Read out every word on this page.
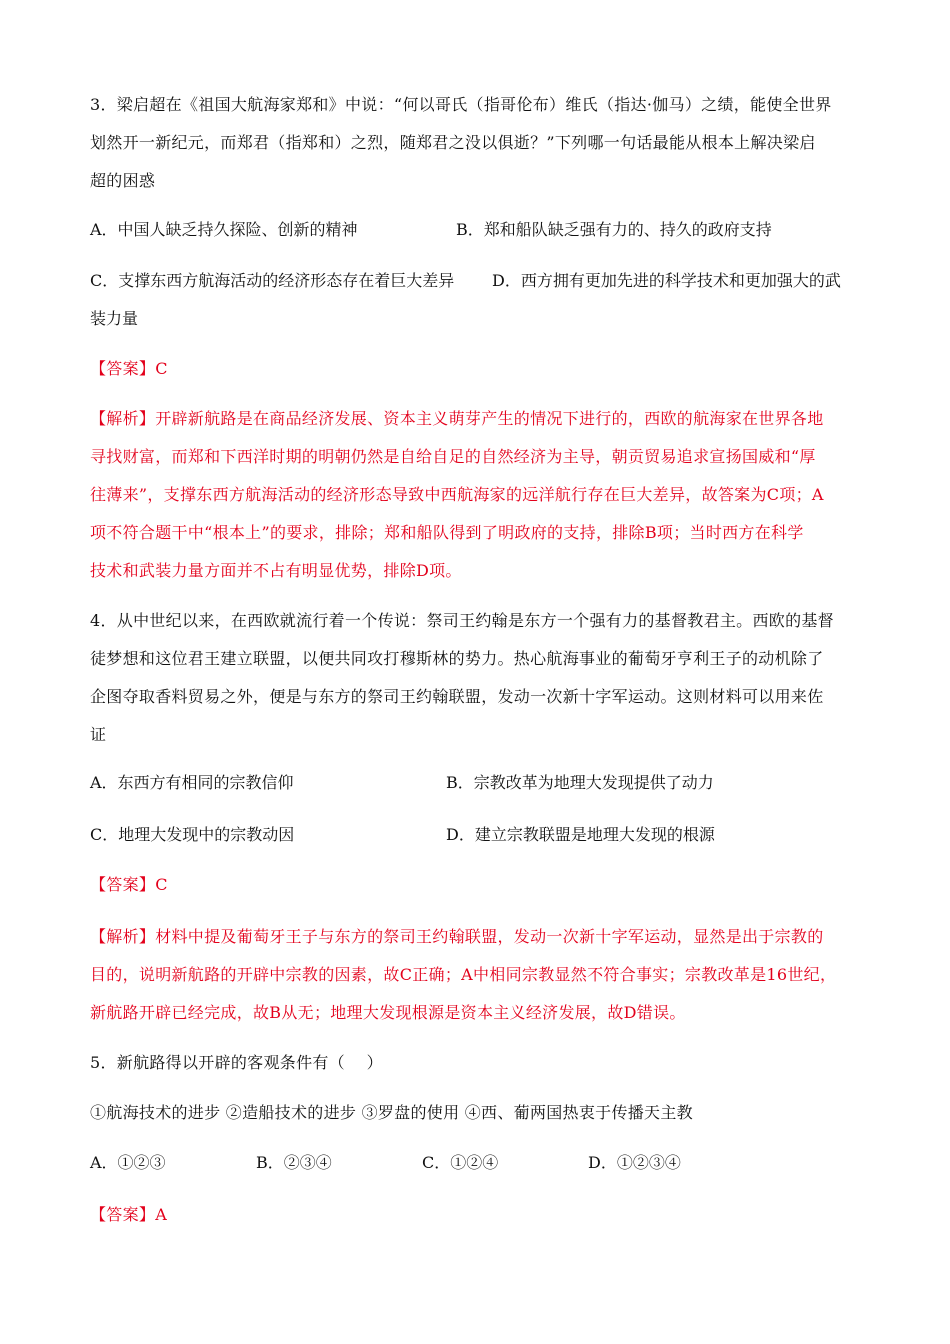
3．梁启超在《祖国大航海家郑和》中说：“何以哥氏（指哥伦布）维氏（指达·伽马）之绩，能使全世界
划然开一新纪元，而郑君（指郑和）之烈，随郑君之没以俱逝？”下列哪一句话最能从根本上解决梁启
超的困惑
A．中国人缺乏持久探险、创新的精神	B．郑和船队缺乏强有力的、持久的政府支持
C．支撑东西方航海活动的经济形态存在着巨大差异 D．西方拥有更加先进的科学技术和更加强大的武
装力量
【答案】C
【解析】开辟新航路是在商品经济发展、资本主义萌芽产生的情况下进行的，西欧的航海家在世界各地
寻找财富，而郑和下西洋时期的明朝仍然是自给自足的自然经济为主导，朝贡贸易追求宣扬国威和“厚
往薄来”，支撑东西方航海活动的经济形态导致中西航海家的远洋航行存在巨大差异，故答案为C项；A
项不符合题干中“根本上”的要求，排除；郑和船队得到了明政府的支持，排除B项；当时西方在科学
技术和武装力量方面并不占有明显优势，排除D项。
4．从中世纪以来，在西欧就流行着一个传说：祭司王约翰是东方一个强有力的基督教君主。西欧的基督
徒梦想和这位君王建立联盟，以便共同攻打穆斯林的势力。热心航海事业的葡萄牙亨利王子的动机除了
企图夺取香料贸易之外，便是与东方的祭司王约翰联盟，发动一次新十字军运动。这则材料可以用来佐
证
A．东西方有相同的宗教信仰	B．宗教改革为地理大发现提供了动力
C．地理大发现中的宗教动因	D．建立宗教联盟是地理大发现的根源
【答案】C
【解析】材料中提及葡萄牙王子与东方的祭司王约翰联盟，发动一次新十字军运动，显然是出于宗教的
目的，说明新航路的开辟中宗教的因素，故C正确；A中相同宗教显然不符合事实；宗教改革是16世纪，
新航路开辟已经完成，故B从无；地理大发现根源是资本主义经济发展，故D错误。
5．新航路得以开辟的客观条件有（　 ）
①航海技术的进步 ②造船技术的进步 ③罗盘的使用 ④西、葡两国热衷于传播天主教
A．①②③	B．②③④	C．①②④	D．①②③④
【答案】A
